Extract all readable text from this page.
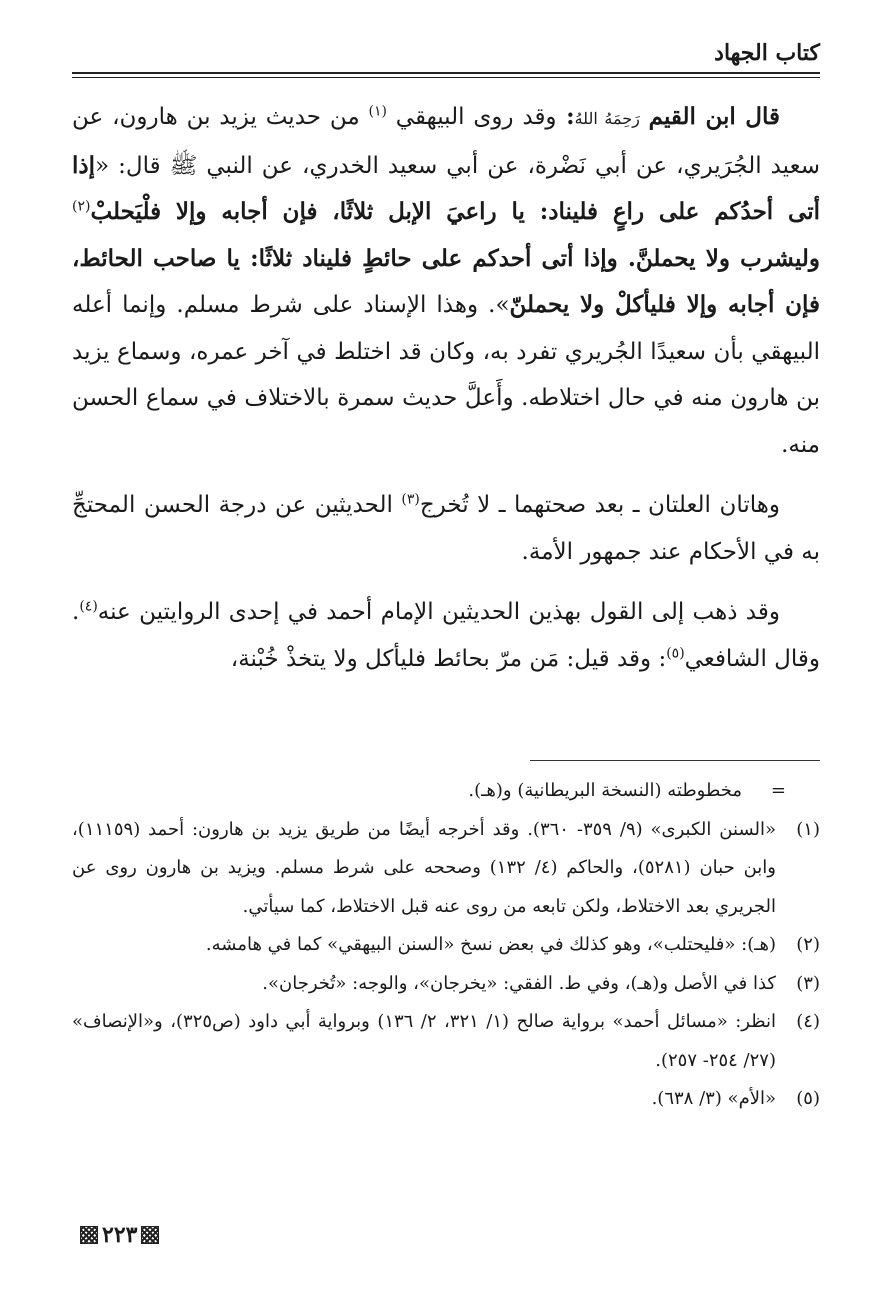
كتاب الجهاد

قال ابن القيم رَحِمَهُ اللهُ: وقد روى البيهقي $^{(١)}$ من حديث يزيد بن هارون، عن سعيد الجُرَيري، عن أبي نَضْرة، عن أبي سعيد الخدري، عن النبي ﷺ قال: «إذا أتى أحدُكم على راعٍ فليناد: يا راعيَ الإبل ثلاثًا، فإن أجابه وإلا فلْيَحلبْ$^{(٢)}$ وليشرب ولا يحملنَّ. وإذا أتى أحدكم على حائطٍ فليناد ثلاثًا: يا صاحب الحائط، فإن أجابه وإلا فليأكلْ ولا يحملنّ». وهذا الإسناد على شرط مسلم. وإنما أعله البيهقي بأن سعيدًا الجُريري تفرد به، وكان قد اختلط في آخر عمره، وسماع يزيد بن هارون منه في حال اختلاطه. وأَعلَّ حديث سمرة بالاختلاف في سماع الحسن منه.

وهاتان العلتان ـ بعد صحتهما ـ لا تُخرج$^{(٣)}$ الحديثين عن درجة الحسن المحتجِّ به في الأحكام عند جمهور الأمة.

وقد ذهب إلى القول بهذين الحديثين الإمام أحمد في إحدى الروايتين عنه$^{(٤)}$. وقال الشافعي$^{(٥)}$: وقد قيل: مَن مرّ بحائط فليأكل ولا يتخذْ خُبْنة،

=
مخطوطته (النسخة البريطانية) و(هـ).
(١)
«السنن الكبرى» (٩/ ٣٥٩- ٣٦٠). وقد أخرجه أيضًا من طريق يزيد بن هارون: أحمد (١١١٥٩)، وابن حبان (٥٢٨١)، والحاكم (٤/ ١٣٢) وصححه على شرط مسلم. ويزيد بن هارون روى عن الجريري بعد الاختلاط، ولكن تابعه من روى عنه قبل الاختلاط، كما سيأتي.
(٢)
(هـ): «فليحتلب»، وهو كذلك في بعض نسخ «السنن البيهقي» كما في هامشه.
(٣)
كذا في الأصل و(هـ)، وفي ط. الفقي: «يخرجان»، والوجه: «تُخرجان».
(٤)
انظر: «مسائل أحمد» برواية صالح (١/ ٣٢١، ٢/ ١٣٦) وبرواية أبي داود (ص٣٢٥)، و«الإنصاف» (٢٧/ ٢٥٤- ٢٥٧).
(٥)
«الأم» (٣/ ٦٣٨).
٢٢٣
